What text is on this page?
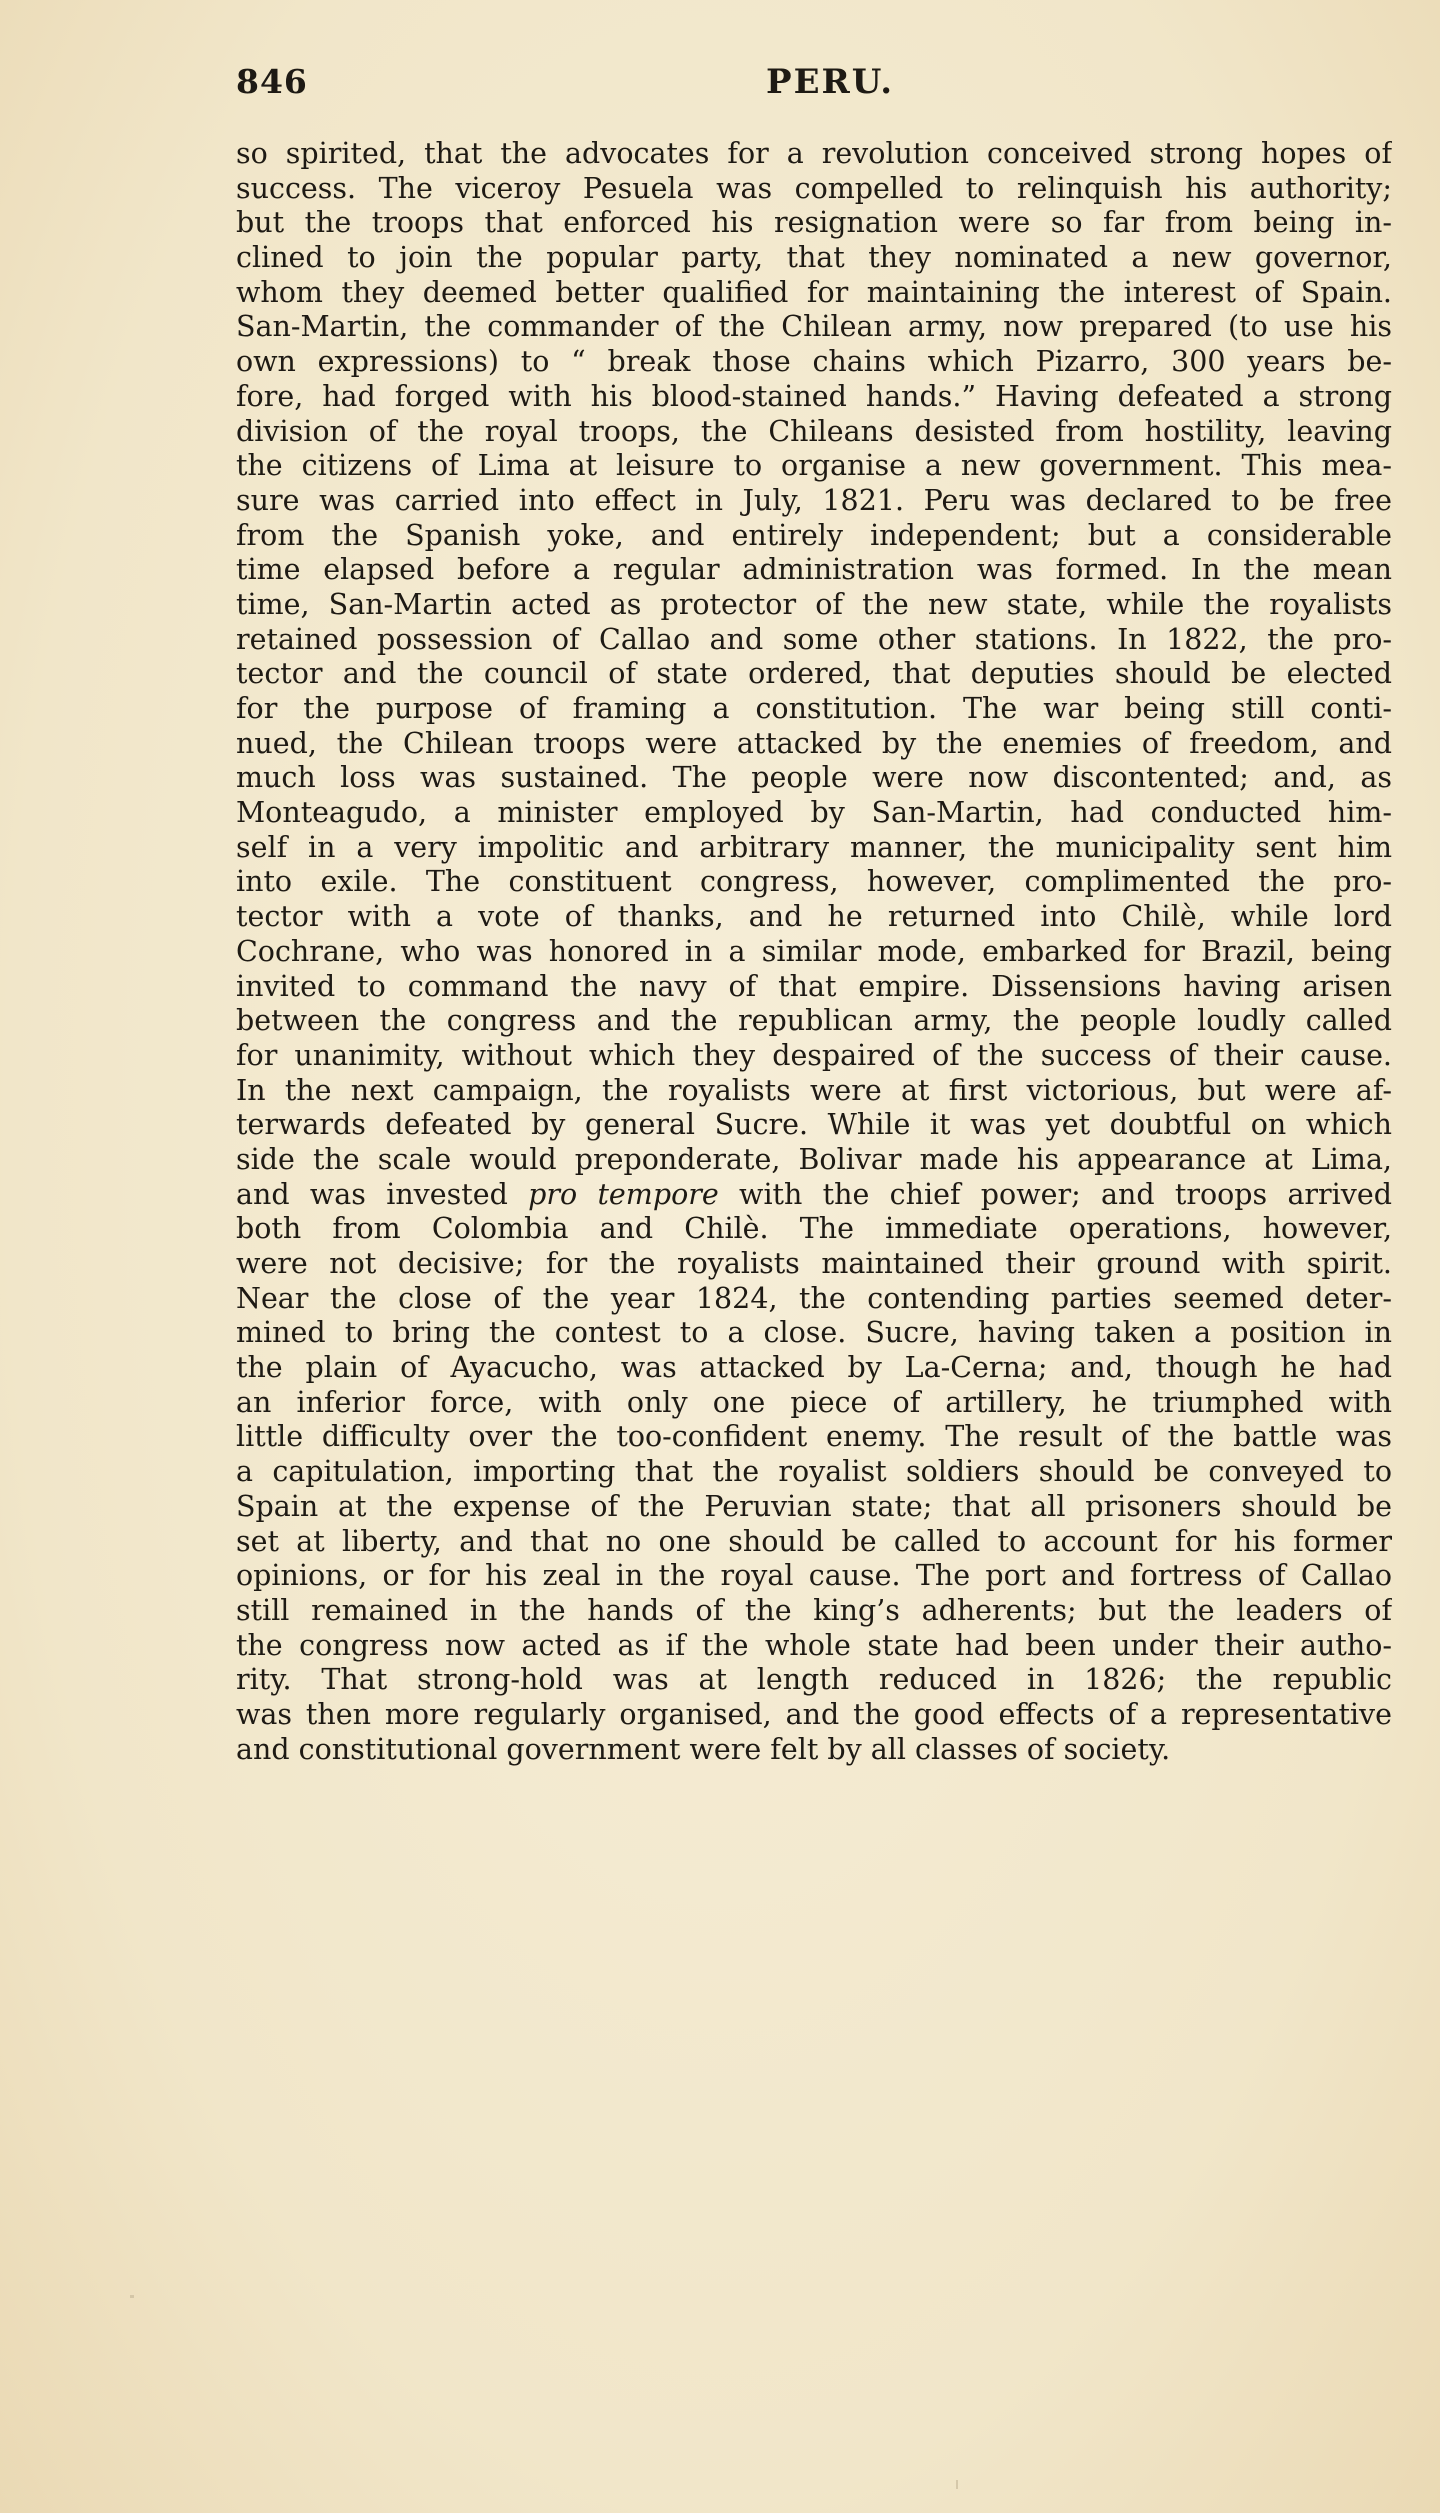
846	PERU.
so spirited, that the advocates for a revolution conceived strong hopes of
success. The viceroy Pesuela was compelled to relinquish his authority;
but the troops that enforced his resignation were so far from being in-
clined to join the popular party, that they nominated a new governor,
whom they deemed better qualified for maintaining the interest of Spain.
San-Martin, the commander of the Chilean army, now prepared (to use his
own expressions) to “ break those chains which Pizarro, 300 years be-
fore, had forged with his blood-stained hands.” Having defeated a strong
division of the royal troops, the Chileans desisted from hostility, leaving
the citizens of Lima at leisure to organise a new government. This mea-
sure was carried into effect in July, 1821. Peru was declared to be free
from the Spanish yoke, and entirely independent; but a considerable
time elapsed before a regular administration was formed. In the mean
time, San-Martin acted as protector of the new state, while the royalists
retained possession of Callao and some other stations. In 1822, the pro-
tector and the council of state ordered, that deputies should be elected
for the purpose of framing a constitution. The war being still conti-
nued, the Chilean troops were attacked by the enemies of freedom, and
much loss was sustained. The people were now discontented; and, as
Monteagudo, a minister employed by San-Martin, had conducted him-
self in a very impolitic and arbitrary manner, the municipality sent him
into exile. The constituent congress, however, complimented the pro-
tector with a vote of thanks, and he returned into Chilè, while lord
Cochrane, who was honored in a similar mode, embarked for Brazil, being
invited to command the navy of that empire. Dissensions having arisen
between the congress and the republican army, the people loudly called
for unanimity, without which they despaired of the success of their cause.
In the next campaign, the royalists were at first victorious, but were af-
terwards defeated by general Sucre. While it was yet doubtful on which
side the scale would preponderate, Bolivar made his appearance at Lima,
and was invested pro tempore with the chief power; and troops arrived
both from Colombia and Chilè. The immediate operations, however,
were not decisive; for the royalists maintained their ground with spirit.
Near the close of the year 1824, the contending parties seemed deter-
mined to bring the contest to a close. Sucre, having taken a position in
the plain of Ayacucho, was attacked by La-Cerna; and, though he had
an inferior force, with only one piece of artillery, he triumphed with
little difficulty over the too-confident enemy. The result of the battle was
a capitulation, importing that the royalist soldiers should be conveyed to
Spain at the expense of the Peruvian state; that all prisoners should be
set at liberty, and that no one should be called to account for his former
opinions, or for his zeal in the royal cause. The port and fortress of Callao
still remained in the hands of the king’s adherents; but the leaders of
the congress now acted as if the whole state had been under their autho-
rity. That strong-hold was at length reduced in 1826; the republic
was then more regularly organised, and the good effects of a representative
and constitutional government were felt by all classes of society.
